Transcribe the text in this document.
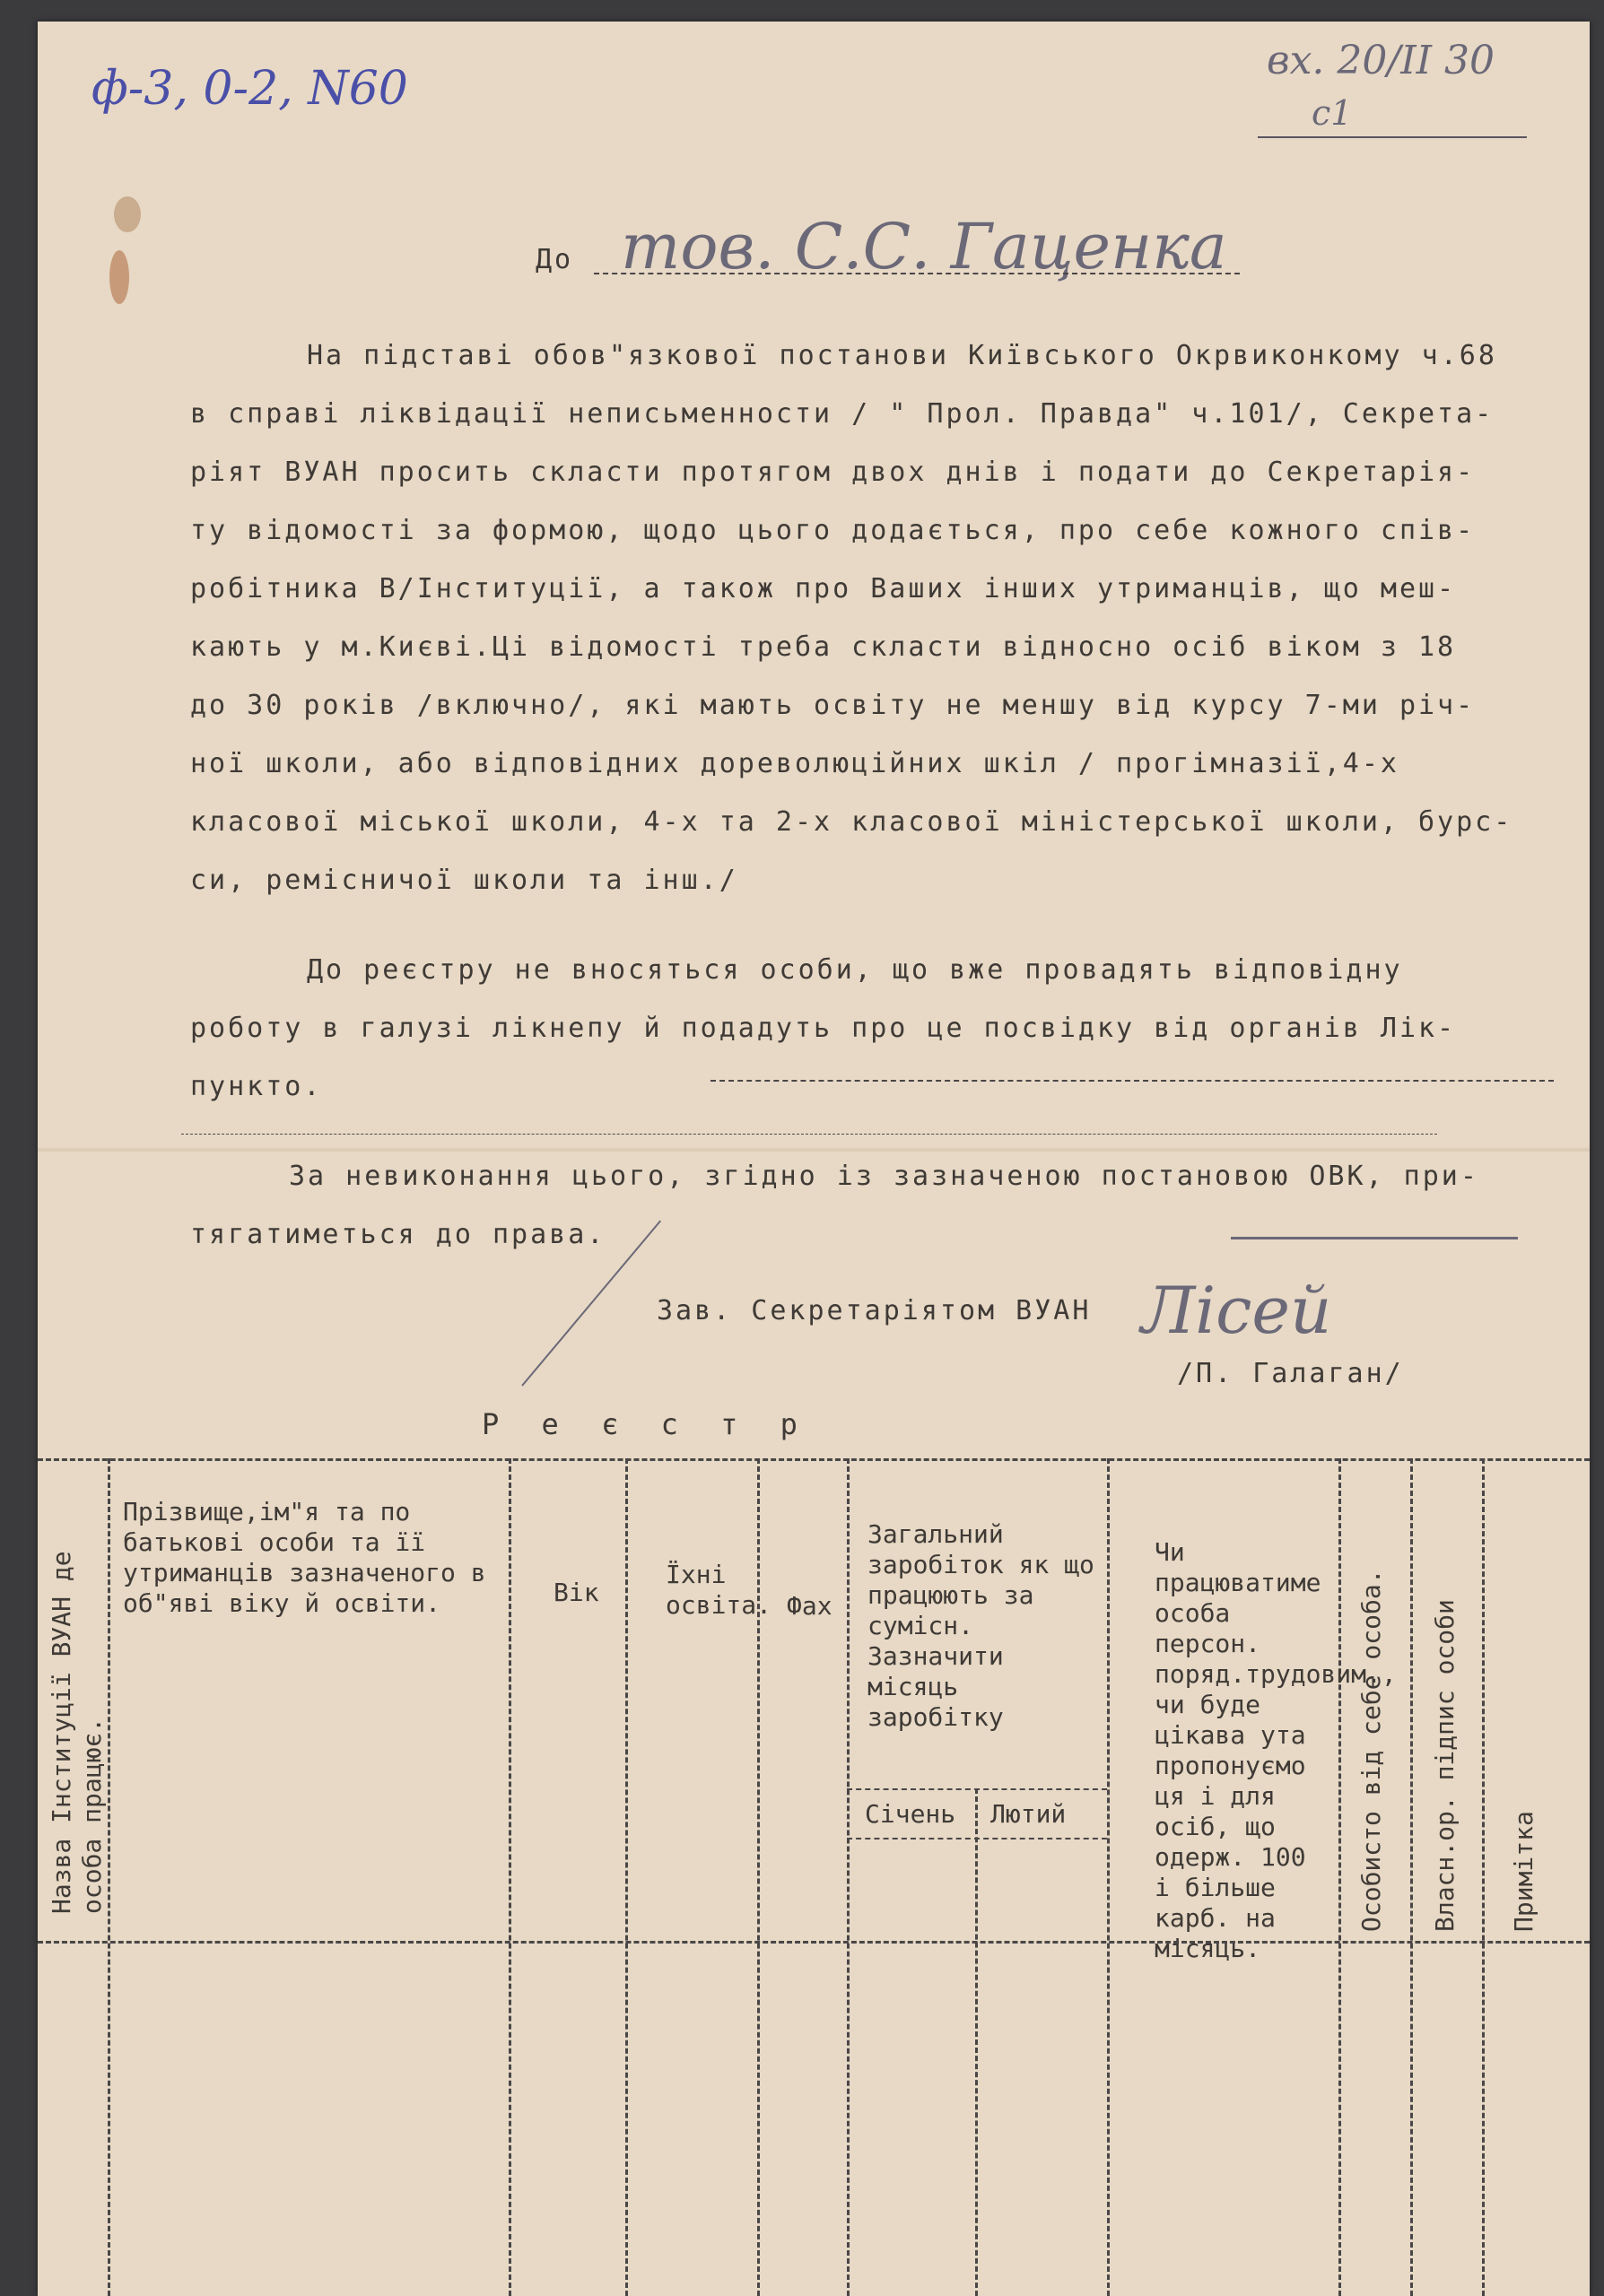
ф-3, 0-2, N60
вх. 20/II 30
c1
До тов. С.С. Гаценка
На підставі обов"язкової постанови Київського Окрвиконкому ч.68
в справі ліквідації неписьменности / " Прол. Правда" ч.101/, Секрета-
ріят ВУАН просить скласти протягом двох днів і подати до Секретарія-
ту відомості за формою, щодо цього додається, про себе кожного спів-
робітника В/Інституції, а також про Ваших інших утриманців, що меш-
кають у м.Києві.Ці відомості треба скласти відносно осіб віком з 18
до 30 років /включно/, які мають освіту не меншу від курсу 7-ми річ-
ної школи, або відповідних дореволюційних шкіл / прогімназії,4-х
класової міської школи, 4-х та 2-х класової міністерської школи, бурс-
си, ремісничої школи та інш./
До реєстру не вносяться особи, що вже провадять відповідну
роботу в галузі лікнепу й подадуть про це посвідку від органів Лік-
пункто.
За невиконання цього, згідно із зазначеною постановою ОВК, при-
тягатиметься до права.
Зав. Секретаріятом ВУАН Лісей
/П. Галаган/
Р е є с т р
Назва Інституції ВУАН де особа працює.
Прізвище,ім"я та по батькові особи та її утриманців зазначеного в об"яві віку й освіти.	Вік
Їхні освіта. Фах
Загальний заробіток як що працюють за сумісн. Зазначити місяць заробітку
Січень Лютий
Чи працюватиме особа персон. поряд.трудовим., чи буде цікава ута пропонуємо ця і для осіб, що одерж. 100 і більше карб. на місяць.
Особисто від себе особа. Власн.ор. підпис особи Примітка
